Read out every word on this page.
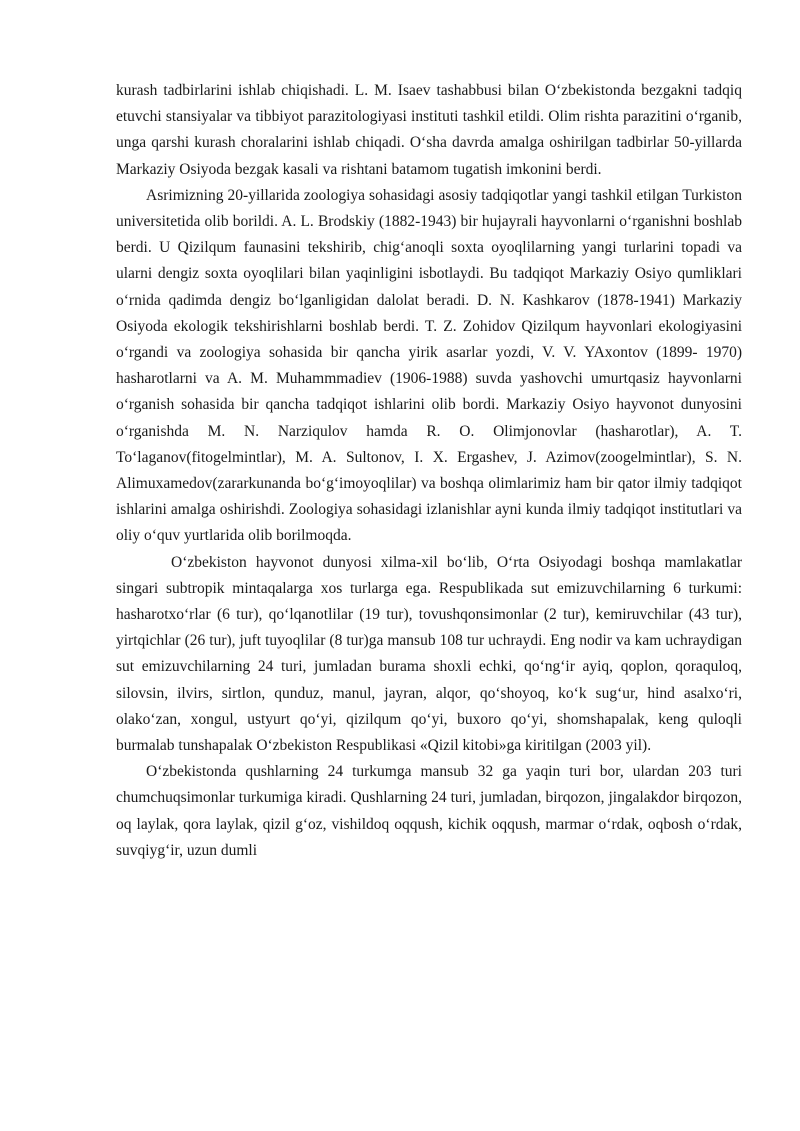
kurash tadbirlarini ishlab chiqishadi. L. M. Isaev tashabbusi bilan O‘zbekistonda bezgakni tadqiq etuvchi stansiyalar va tibbiyot parazitologiyasi instituti tashkil etildi. Olim rishta parazitini o‘rganib, unga qarshi kurash choralarini ishlab chiqadi. O‘sha davrda amalga oshirilgan tadbirlar 50-yillarda Markaziy Osiyoda bezgak kasali va rishtani batamom tugatish imkonini berdi.

Asrimizning 20-yillarida zoologiya sohasidagi asosiy tadqiqotlar yangi tashkil etilgan Turkiston universitetida olib borildi. A. L. Brodskiy (1882-1943) bir hujayrali hayvonlarni o‘rganishni boshlab berdi. U Qizilqum faunasini tekshirib, chig‘anoqli soxta oyoqlilarning yangi turlarini topadi va ularni dengiz soxta oyoqlilari bilan yaqinligini isbotlaydi. Bu tadqiqot Markaziy Osiyo qumliklari o‘rnida qadimda dengiz bo‘lganligidan dalolat beradi. D. N. Kashkarov (1878-1941) Markaziy Osiyoda ekologik tekshirishlarni boshlab berdi. T. Z. Zohidov Qizilqum hayvonlari ekologiyasini o‘rgandi va zoologiya sohasida bir qancha yirik asarlar yozdi, V. V. YAxontov (1899- 1970) hasharotlarni va A. M. Muhammmadiev (1906-1988) suvda yashovchi umurtqasiz hayvonlarni o‘rganish sohasida bir qancha tadqiqot ishlarini olib bordi. Markaziy Osiyo hayvonot dunyosini o‘rganishda M. N. Narziqulov hamda R. O. Olimjonovlar (hasharotlar), A. T. To‘laganov(fitogelmintlar), M. A. Sultonov, I. X. Ergashev, J. Azimov(zoogelmintlar), S. N. Alimuxamedov(zararkunanda bo‘g‘imoyoqlilar) va boshqa olimlarimiz ham bir qator ilmiy tadqiqot ishlarini amalga oshirishdi. Zoologiya sohasidagi izlanishlar ayni kunda ilmiy tadqiqot institutlari va oliy o‘quv yurtlarida olib borilmoqda.

O‘zbekiston hayvonot dunyosi xilma-xil bo‘lib, O‘rta Osiyodagi boshqa mamlakatlar singari subtropik mintaqalarga xos turlarga ega. Respublikada sut emizuvchilarning 6 turkumi: hasharotxo‘rlar (6 tur), qo‘lqanotlilar (19 tur), tovushqonsimonlar (2 tur), kemiruvchilar (43 tur), yirtqichlar (26 tur), juft tuyoqlilar (8 tur)ga mansub 108 tur uchraydi. Eng nodir va kam uchraydigan sut emizuvchilarning 24 turi, jumladan burama shoxli echki, qo‘ng‘ir ayiq, qoplon, qoraquloq, silovsin, ilvirs, sirtlon, qunduz, manul, jayran, alqor, qo‘shoyoq, ko‘k sug‘ur, hind asalxo‘ri, olako‘zan, xongul, ustyurt qo‘yi, qizilqum qo‘yi, buxoro qo‘yi, shomshapalak, keng quloqli burmalab tunshapalak O‘zbekiston Respublikasi «Qizil kitobi»ga kiritilgan (2003 yil).

O‘zbekistonda qushlarning 24 turkumga mansub 32 ga yaqin turi bor, ulardan 203 turi chumchuqsimonlar turkumiga kiradi. Qushlarning 24 turi, jumladan, birqozon, jingalakdor birqozon, oq laylak, qora laylak, qizil g‘oz, vishildoq oqqush, kichik oqqush, marmar o‘rdak, oqbosh o‘rdak, suvqiyg‘ir, uzun dumli
